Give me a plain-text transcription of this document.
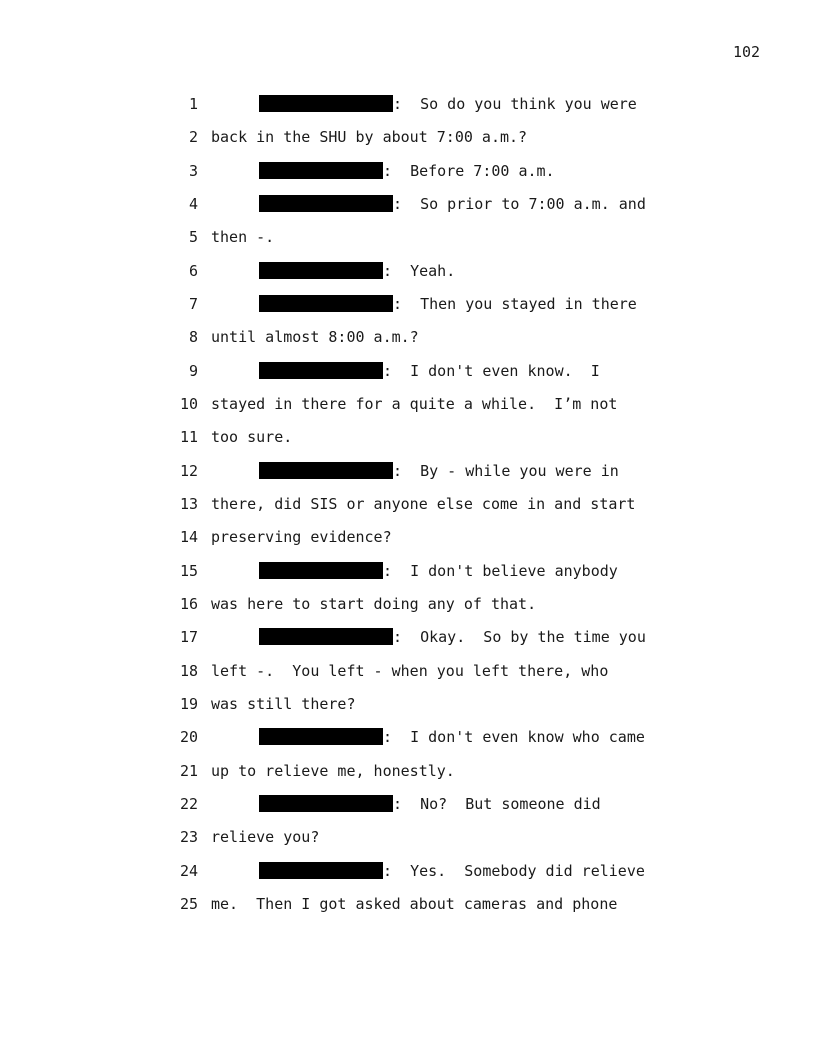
102
1	:  So do you think you were
2 back in the SHU by about 7:00 a.m.?
3	:  Before 7:00 a.m.
4	:  So prior to 7:00 a.m. and
5 then -.
6	:  Yeah.
7	:  Then you stayed in there
8 until almost 8:00 a.m.?
9	:  I don't even know.  I
10 stayed in there for a quite a while.  I’m not
11 too sure.
12	:  By - while you were in
13 there, did SIS or anyone else come in and start
14 preserving evidence?
15	:  I don't believe anybody
16 was here to start doing any of that.
17	:  Okay.  So by the time you
18 left -.  You left - when you left there, who
19 was still there?
20	:  I don't even know who came
21 up to relieve me, honestly.
22	:  No?  But someone did
23 relieve you?
24	:  Yes.  Somebody did relieve
25 me.  Then I got asked about cameras and phone
